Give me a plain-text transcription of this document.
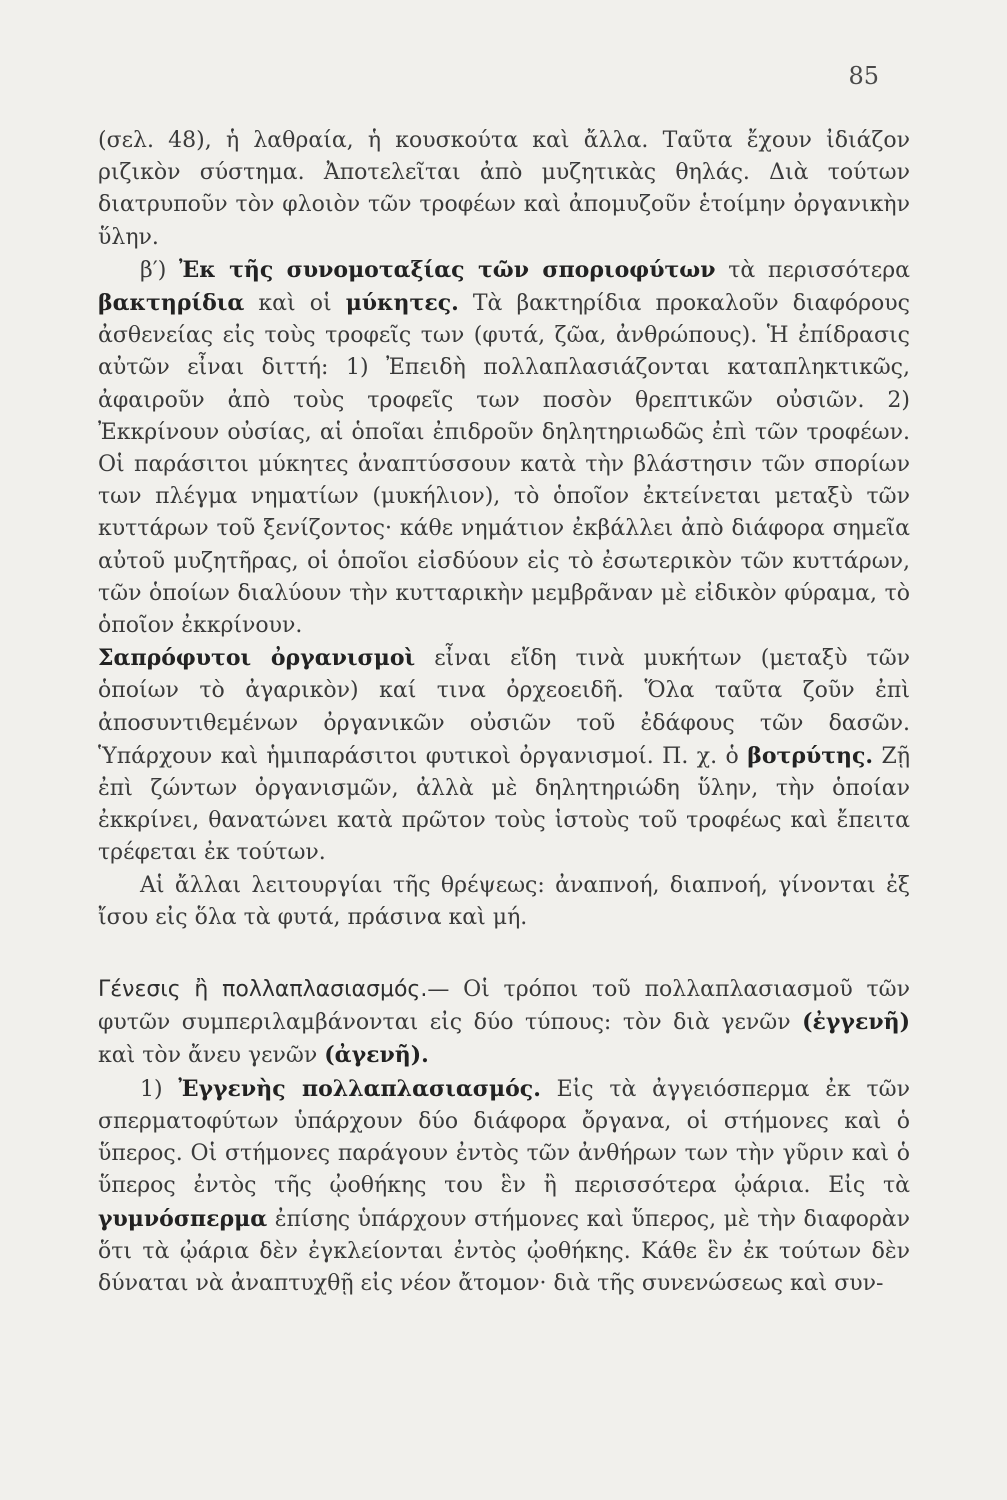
85

(σελ. 48), ἡ λαθραία, ἡ κουσκούτα καὶ ἄλλα. Ταῦτα ἔχουν ἰδιάζον ριζικὸν σύστημα. Ἀποτελεῖται ἀπὸ μυζητικὰς θηλάς. Διὰ τούτων διατρυποῦν τὸν φλοιὸν τῶν τροφέων καὶ ἀπομυζοῦν ἑτοίμην ὀργανικὴν ὕλην.

β′) Ἐκ τῆς συνομοταξίας τῶν σποριοφύτων τὰ περισσότερα βακτηρίδια καὶ οἱ μύκητες. Τὰ βακτηρίδια προκαλοῦν διαφόρους ἀσθενείας εἰς τοὺς τροφεῖς των (φυτά, ζῶα, ἀνθρώπους). Ἡ ἐπίδρασις αὐτῶν εἶναι διττή: 1) Ἐπειδὴ πολλαπλασιάζονται καταπληκτικῶς, ἀφαιροῦν ἀπὸ τοὺς τροφεῖς των ποσὸν θρεπτικῶν οὐσιῶν. 2) Ἐκκρίνουν οὐσίας, αἱ ὁποῖαι ἐπιδροῦν δηλητηριωδῶς ἐπὶ τῶν τροφέων. Οἱ παράσιτοι μύκητες ἀναπτύσσουν κατὰ τὴν βλάστησιν τῶν σπορίων των πλέγμα νηματίων (μυκήλιον), τὸ ὁποῖον ἐκτείνεται μεταξὺ τῶν κυττάρων τοῦ ξενίζοντος· κάθε νημάτιον ἐκβάλλει ἀπὸ διάφορα σημεῖα αὐτοῦ μυζητῆρας, οἱ ὁποῖοι εἰσδύουν εἰς τὸ ἐσωτερικὸν τῶν κυττάρων, τῶν ὁποίων διαλύουν τὴν κυτταρικὴν μεμβρᾶναν μὲ εἰδικὸν φύραμα, τὸ ὁποῖον ἐκκρίνουν.

Σαπρόφυτοι ὀργανισμοὶ εἶναι εἴδη τινὰ μυκήτων (μεταξὺ τῶν ὁποίων τὸ ἀγαρικὸν) καί τινα ὀρχεοειδῆ. Ὅλα ταῦτα ζοῦν ἐπὶ ἀποσυντιθεμένων ὀργανικῶν οὐσιῶν τοῦ ἐδάφους τῶν δασῶν. Ὑπάρχουν καὶ ἡμιπαράσιτοι φυτικοὶ ὀργανισμοί. Π. χ. ὁ βοτρύτης. Ζῇ ἐπὶ ζώντων ὀργανισμῶν, ἀλλὰ μὲ δηλητηριώδη ὕλην, τὴν ὁποίαν ἐκκρίνει, θανατώνει κατὰ πρῶτον τοὺς ἱστοὺς τοῦ τροφέως καὶ ἔπειτα τρέφεται ἐκ τούτων.

Αἱ ἄλλαι λειτουργίαι τῆς θρέψεως: ἀναπνοή, διαπνοή, γίνονται ἐξ ἴσου εἰς ὅλα τὰ φυτά, πράσινα καὶ μή.

Γένεσις ἢ πολλαπλασιασμός.— Οἱ τρόποι τοῦ πολλαπλασιασμοῦ τῶν φυτῶν συμπεριλαμβάνονται εἰς δύο τύπους: τὸν διὰ γενῶν (ἐγγενῆ) καὶ τὸν ἄνευ γενῶν (ἀγενῆ).

1) Ἐγγενὴς πολλαπλασιασμός. Εἰς τὰ ἀγγειόσπερμα ἐκ τῶν σπερματοφύτων ὑπάρχουν δύο διάφορα ὄργανα, οἱ στήμονες καὶ ὁ ὕπερος. Οἱ στήμονες παράγουν ἐντὸς τῶν ἀνθήρων των τὴν γῦριν καὶ ὁ ὕπερος ἐντὸς τῆς ᾠοθήκης του ἓν ἢ περισσότερα ᾠάρια. Εἰς τὰ γυμνόσπερμα ἐπίσης ὑπάρχουν στήμονες καὶ ὕπερος, μὲ τὴν διαφορὰν ὅτι τὰ ᾠάρια δὲν ἐγκλείονται ἐντὸς ᾠοθήκης. Κάθε ἓν ἐκ τούτων δὲν δύναται νὰ ἀναπτυχθῇ εἰς νέον ἄτομον· διὰ τῆς συνενώσεως καὶ συν-
